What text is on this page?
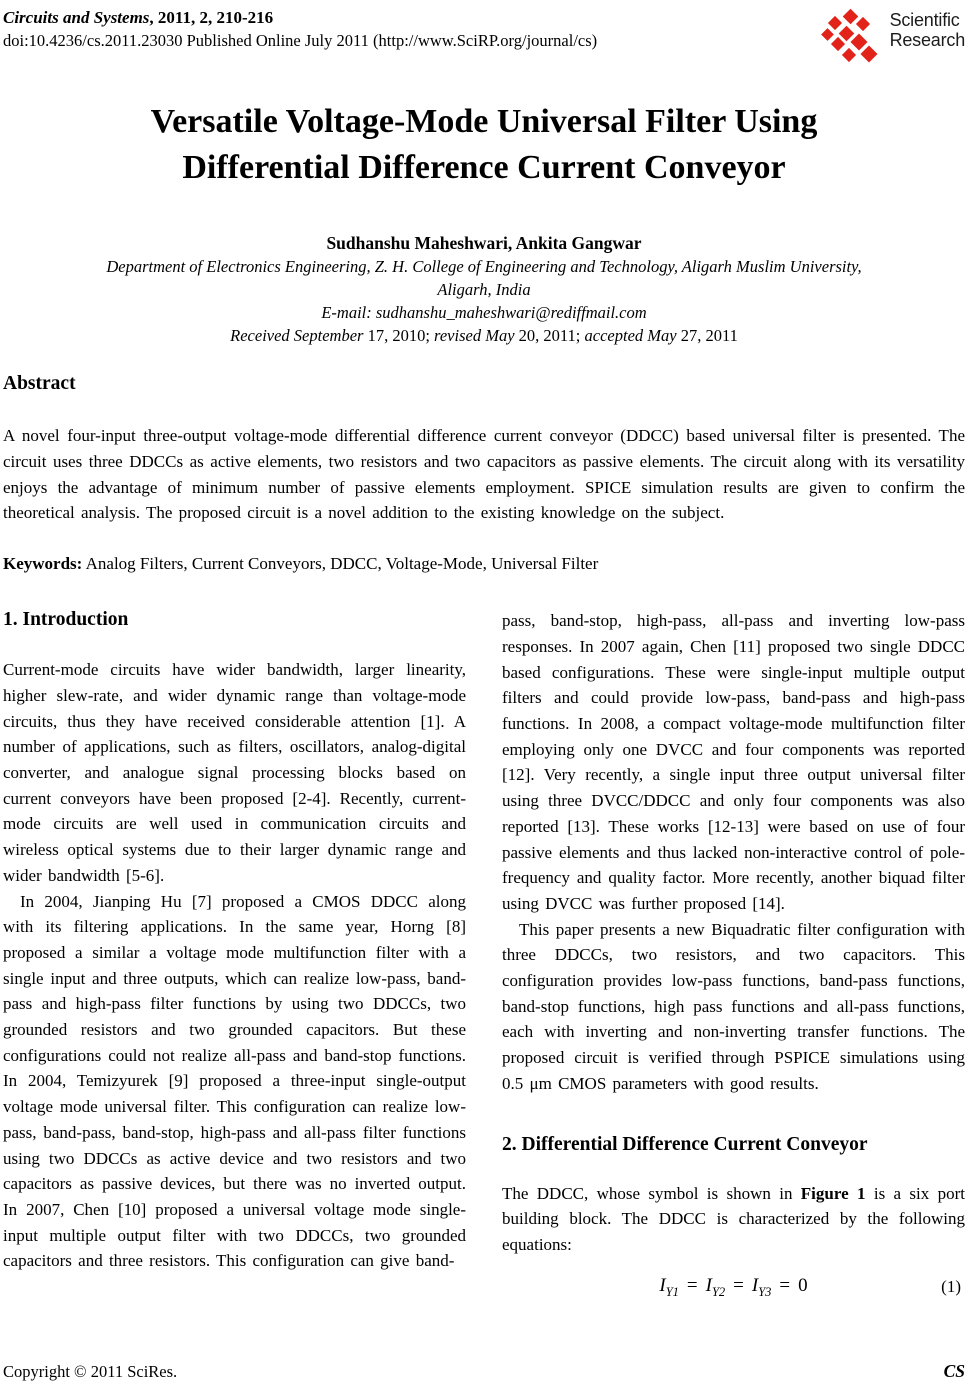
Circuits and Systems, 2011, 2, 210-216
doi:10.4236/cs.2011.23030 Published Online July 2011 (http://www.SciRP.org/journal/cs)
Scientific
Research
Versatile Voltage-Mode Universal Filter Using
Differential Difference Current Conveyor
Sudhanshu Maheshwari, Ankita Gangwar
Department of Electronics Engineering, Z. H. College of Engineering and Technology, Aligarh Muslim University,
Aligarh, India
E-mail: sudhanshu_maheshwari@rediffmail.com
Received September 17, 2010; revised May 20, 2011; accepted May 27, 2011
Abstract

A novel four-input three-output voltage-mode differential difference current conveyor (DDCC) based universal filter is presented. The circuit uses three DDCCs as active elements, two resistors and two capacitors as passive elements. The circuit along with its versatility enjoys the advantage of minimum number of passive elements employment. SPICE simulation results are given to confirm the theoretical analysis. The proposed circuit is a novel addition to the existing knowledge on the subject.

Keywords: Analog Filters, Current Conveyors, DDCC, Voltage-Mode, Universal Filter

1. Introduction

Current-mode circuits have wider bandwidth, larger linearity, higher slew-rate, and wider dynamic range than voltage-mode circuits, thus they have received considerable attention [1]. A number of applications, such as filters, oscillators, analog-digital converter, and analogue signal processing blocks based on current conveyors have been proposed [2-4]. Recently, current-mode circuits are well used in communication circuits and wireless optical systems due to their larger dynamic range and wider bandwidth [5-6].

In 2004, Jianping Hu [7] proposed a CMOS DDCC along with its filtering applications. In the same year, Horng [8] proposed a similar a voltage mode multifunction filter with a single input and three outputs, which can realize low-pass, band-pass and high-pass filter functions by using two DDCCs, two grounded resistors and two grounded capacitors. But these configurations could not realize all-pass and band-stop functions. In 2004, Temizyurek [9] proposed a three-input single-output voltage mode universal filter. This configuration can realize low-pass, band-pass, band-stop, high-pass and all-pass filter functions using two DDCCs as active device and two resistors and two capacitors as passive devices, but there was no inverted output. In 2007, Chen [10] proposed a universal voltage mode single-input multiple output filter with two DDCCs, two grounded capacitors and three resistors. This configuration can give band-

pass, band-stop, high-pass, all-pass and inverting low-pass responses. In 2007 again, Chen [11] proposed two single DDCC based configurations. These were single-input multiple output filters and could provide low-pass, band-pass and high-pass functions. In 2008, a compact voltage-mode multifunction filter employing only one DVCC and four components was reported [12]. Very recently, a single input three output universal filter using three DVCC/DDCC and only four components was also reported [13]. These works [12-13] were based on use of four passive elements and thus lacked non-interactive control of pole-frequency and quality factor. More recently, another biquad filter using DVCC was further proposed [14].

This paper presents a new Biquadratic filter configuration with three DDCCs, two resistors, and two capacitors. This configuration provides low-pass functions, band-pass functions, band-stop functions, high pass functions and all-pass functions, each with inverting and non-inverting transfer functions. The proposed circuit is verified through PSPICE simulations using 0.5 μm CMOS parameters with good results.

2. Differential Difference Current Conveyor

The DDCC, whose symbol is shown in Figure 1 is a six port building block. The DDCC is characterized by the following equations:

$I_{Y1} = I_{Y2} = I_{Y3} = 0$	(1)
Copyright © 2011 SciRes.	CS
